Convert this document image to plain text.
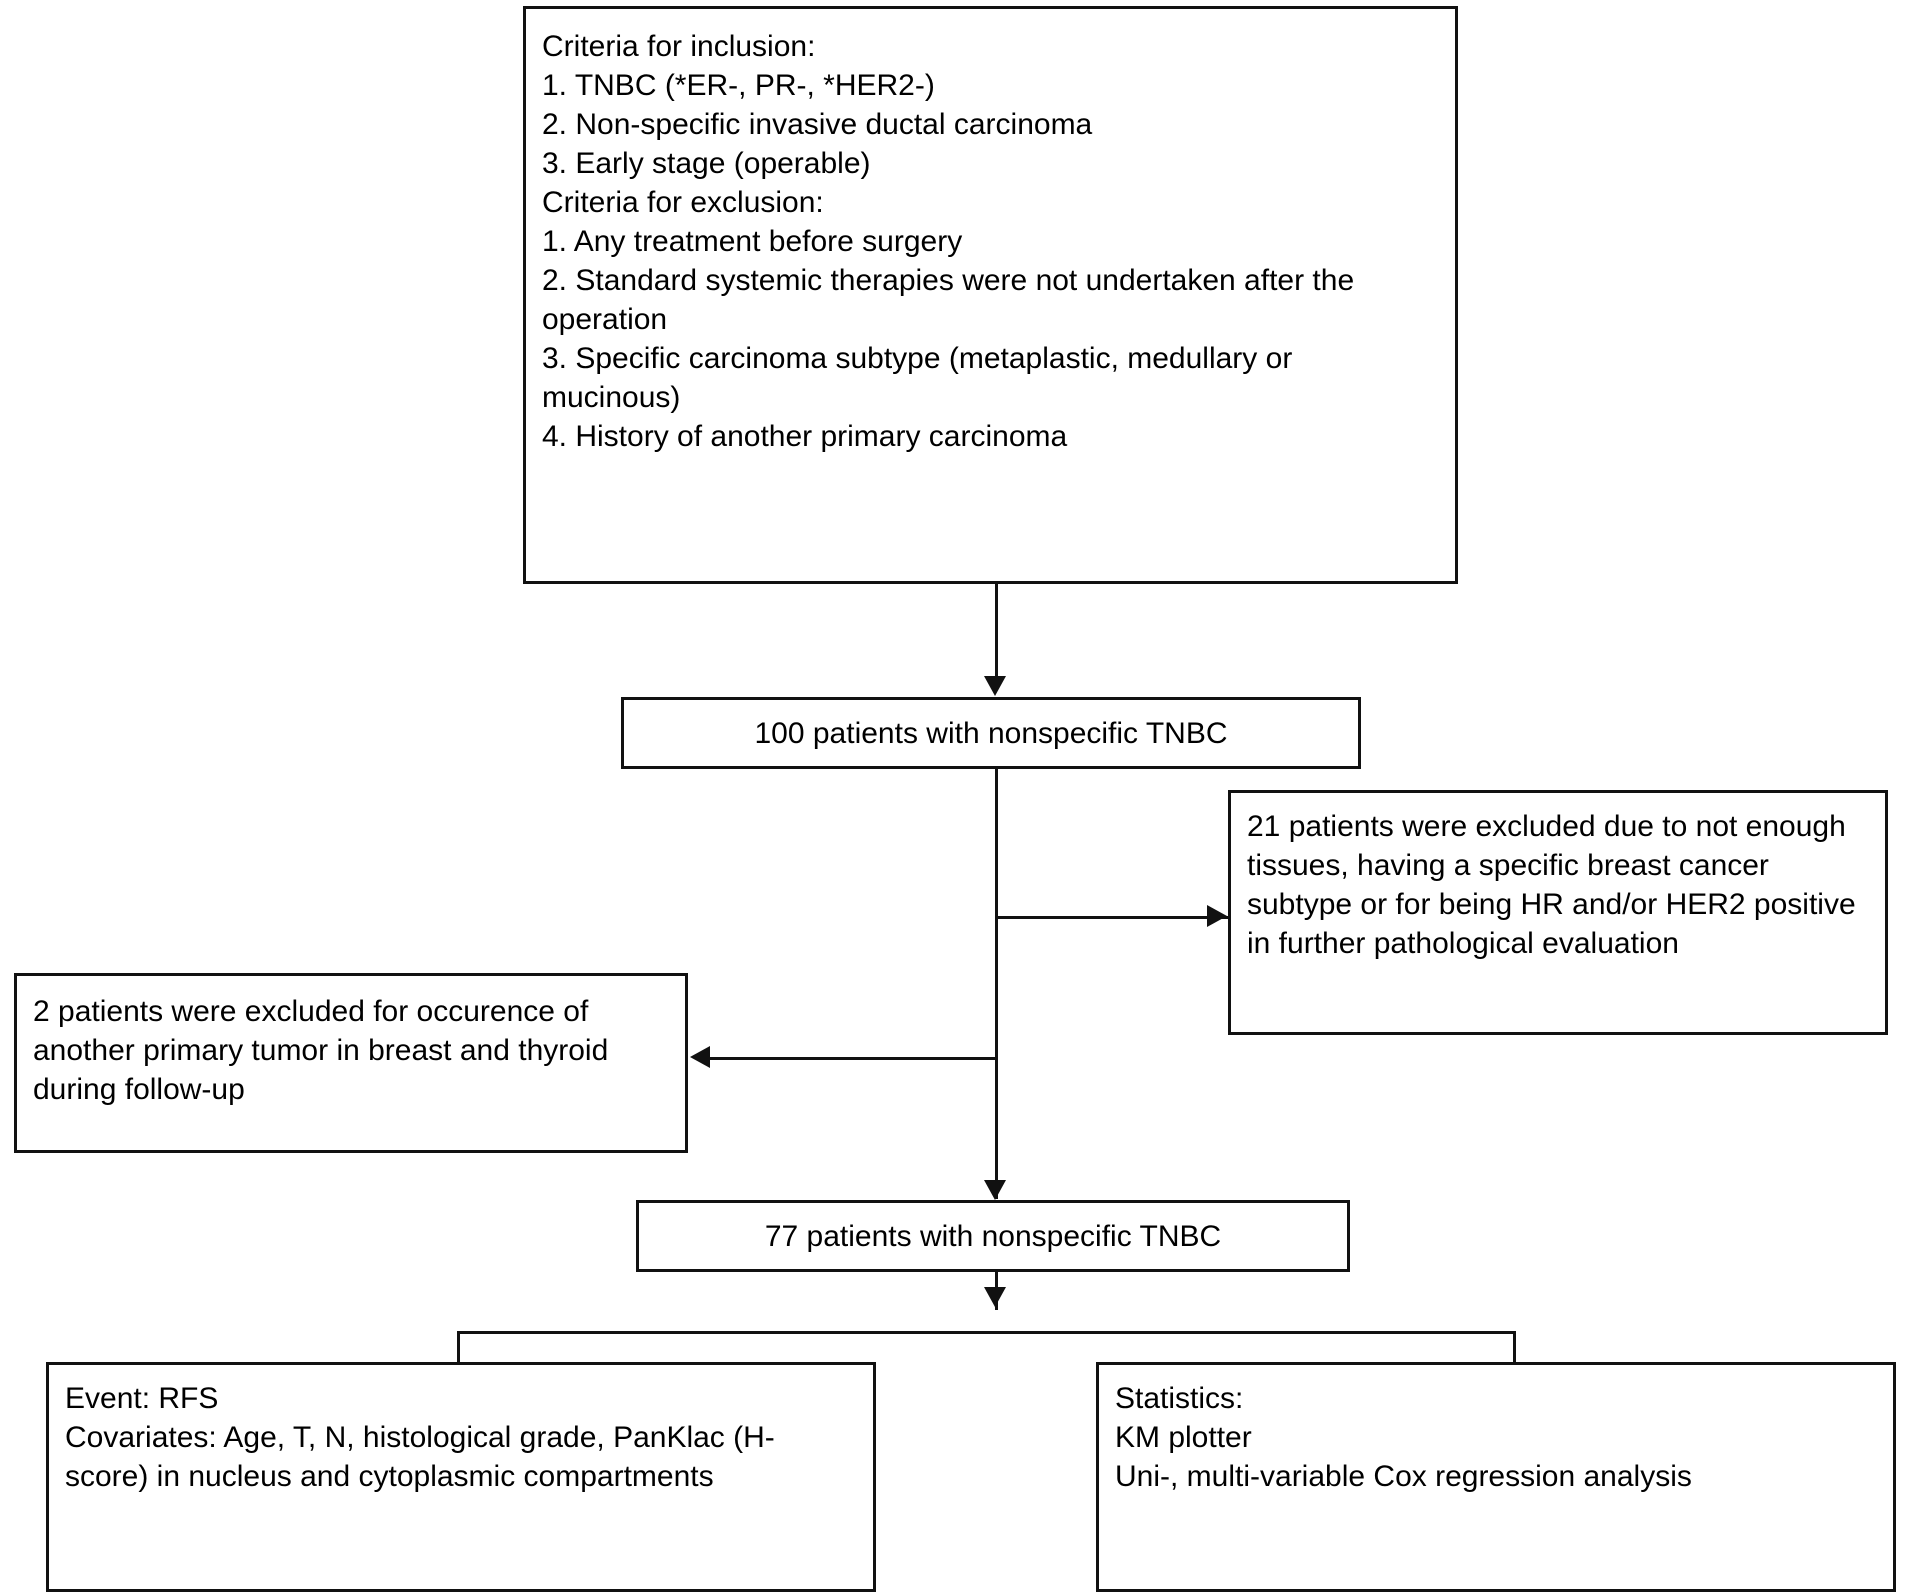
Criteria for inclusion:
1. TNBC (*ER-, PR-, *HER2-)
2. Non-specific invasive ductal carcinoma
3. Early stage (operable)
Criteria for exclusion:
1. Any treatment before surgery
2. Standard systemic therapies were not undertaken after the operation
3. Specific carcinoma subtype (metaplastic, medullary or mucinous)
4. History of another primary carcinoma
100 patients with nonspecific TNBC
21 patients were excluded due to not enough tissues, having a specific breast cancer subtype or for being HR and/or HER2 positive in further pathological evaluation
2 patients were excluded for occurence of another primary tumor in breast and thyroid during follow-up
77 patients with nonspecific TNBC
Event: RFS
Covariates: Age, T, N, histological grade, PanKlac (H-score) in nucleus and cytoplasmic compartments
Statistics:
KM plotter
Uni-, multi-variable Cox regression analysis
